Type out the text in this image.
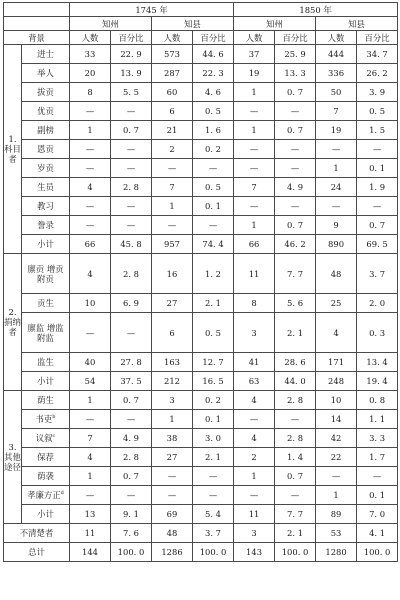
		1745 年				1850 年			
		知州		知县		知州		知县	
背景		人数	百分比	人数	百分比	人数	百分比	人数	百分比
1. 科目者	进士	33	22. 9	573	44. 6	37	25. 9	444	34. 7
	举人	20	13. 9	287	22. 3	19	13. 3	336	26. 2
	拔贡	8	5. 5	60	4. 6	1	0. 7	50	3. 9
	优贡	—	—	6	0. 5	—	—	7	0. 5
	副榜	1	0. 7	21	1. 6	1	0. 7	19	1. 5
	恩贡	—	—	2	0. 2	—	—	—	—
	岁贡	—	—	—	—	—	—	1	0. 1
	生员	4	2. 8	7	0. 5	7	4. 9	24	1. 9
	教习	—	—	1	0. 1	—	—	—	—
	誊录	—	—	—	—	1	0. 7	9	0. 7
	小计	66	45. 8	957	74. 4	66	46. 2	890	69. 5
2. 捐纳者	廪贡 增贡 附贡	4	2. 8	16	1. 2	11	7. 7	48	3. 7
	贡生	10	6. 9	27	2. 1	8	5. 6	25	2. 0
	廪监 增监 附监	—	—	6	0. 5	3	2. 1	4	0. 3
	监生	40	27. 8	163	12. 7	41	28. 6	171	13. 4
	小计	54	37. 5	212	16. 5	63	44. 0	248	19. 4
3. 其他途径	荫生	1	0. 7	3	0. 2	4	2. 8	10	0. 8
	书吏$^b$	—	—	1	0. 1	—	—	14	1. 1
	议叙$^c$	7	4. 9	38	3. 0	4	2. 8	42	3. 3
	保荐	4	2. 8	27	2. 1	2	1. 4	22	1. 7
	荫袭	1	0. 7	—	—	1	0. 7	—	—
	孝廉方正$^d$	—	—	—	—	—	—	1	0. 1
	小计	13	9. 1	69	5. 4	11	7. 7	89	7. 0
不清楚者		11	7. 6	48	3. 7	3	2. 1	53	4. 1
总计		144	100. 0	1286	100. 0	143	100. 0	1280	100. 0
